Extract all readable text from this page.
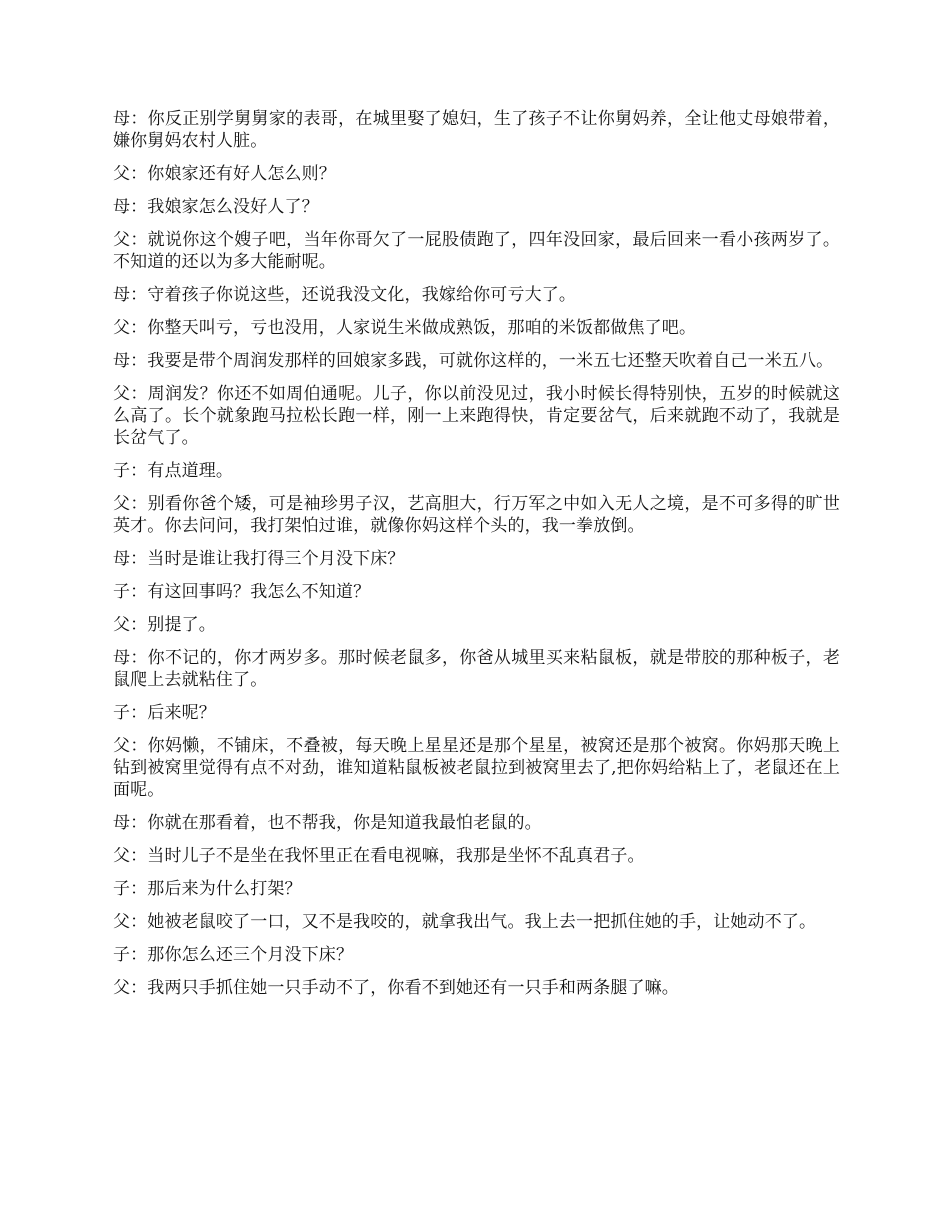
母：你反正别学舅舅家的表哥，在城里娶了媳妇，生了孩子不让你舅妈养，全让他丈母娘带着，嫌你舅妈农村人脏。

父：你娘家还有好人怎么则？

母：我娘家怎么没好人了？

父：就说你这个嫂子吧，当年你哥欠了一屁股债跑了，四年没回家，最后回来一看小孩两岁了。不知道的还以为多大能耐呢。

母：守着孩子你说这些，还说我没文化，我嫁给你可亏大了。

父：你整天叫亏，亏也没用，人家说生米做成熟饭，那咱的米饭都做焦了吧。

母：我要是带个周润发那样的回娘家多践，可就你这样的，一米五七还整天吹着自己一米五八。

父：周润发？你还不如周伯通呢。儿子，你以前没见过，我小时候长得特别快，五岁的时候就这么高了。长个就象跑马拉松长跑一样，刚一上来跑得快，肯定要岔气，后来就跑不动了，我就是长岔气了。

子：有点道理。

父：别看你爸个矮，可是袖珍男子汉，艺高胆大，行万军之中如入无人之境，是不可多得的旷世英才。你去问问，我打架怕过谁，就像你妈这样个头的，我一拳放倒。

母：当时是谁让我打得三个月没下床？

子：有这回事吗？我怎么不知道？

父：别提了。

母：你不记的，你才两岁多。那时候老鼠多，你爸从城里买来粘鼠板，就是带胶的那种板子，老鼠爬上去就粘住了。

子：后来呢？

父：你妈懒，不铺床，不叠被，每天晚上星星还是那个星星，被窝还是那个被窝。你妈那天晚上钻到被窝里觉得有点不对劲，谁知道粘鼠板被老鼠拉到被窝里去了,把你妈给粘上了，老鼠还在上面呢。

母：你就在那看着，也不帮我，你是知道我最怕老鼠的。

父：当时儿子不是坐在我怀里正在看电视嘛，我那是坐怀不乱真君子。

子：那后来为什么打架？

父：她被老鼠咬了一口，又不是我咬的，就拿我出气。我上去一把抓住她的手，让她动不了。

子：那你怎么还三个月没下床？

父：我两只手抓住她一只手动不了，你看不到她还有一只手和两条腿了嘛。
